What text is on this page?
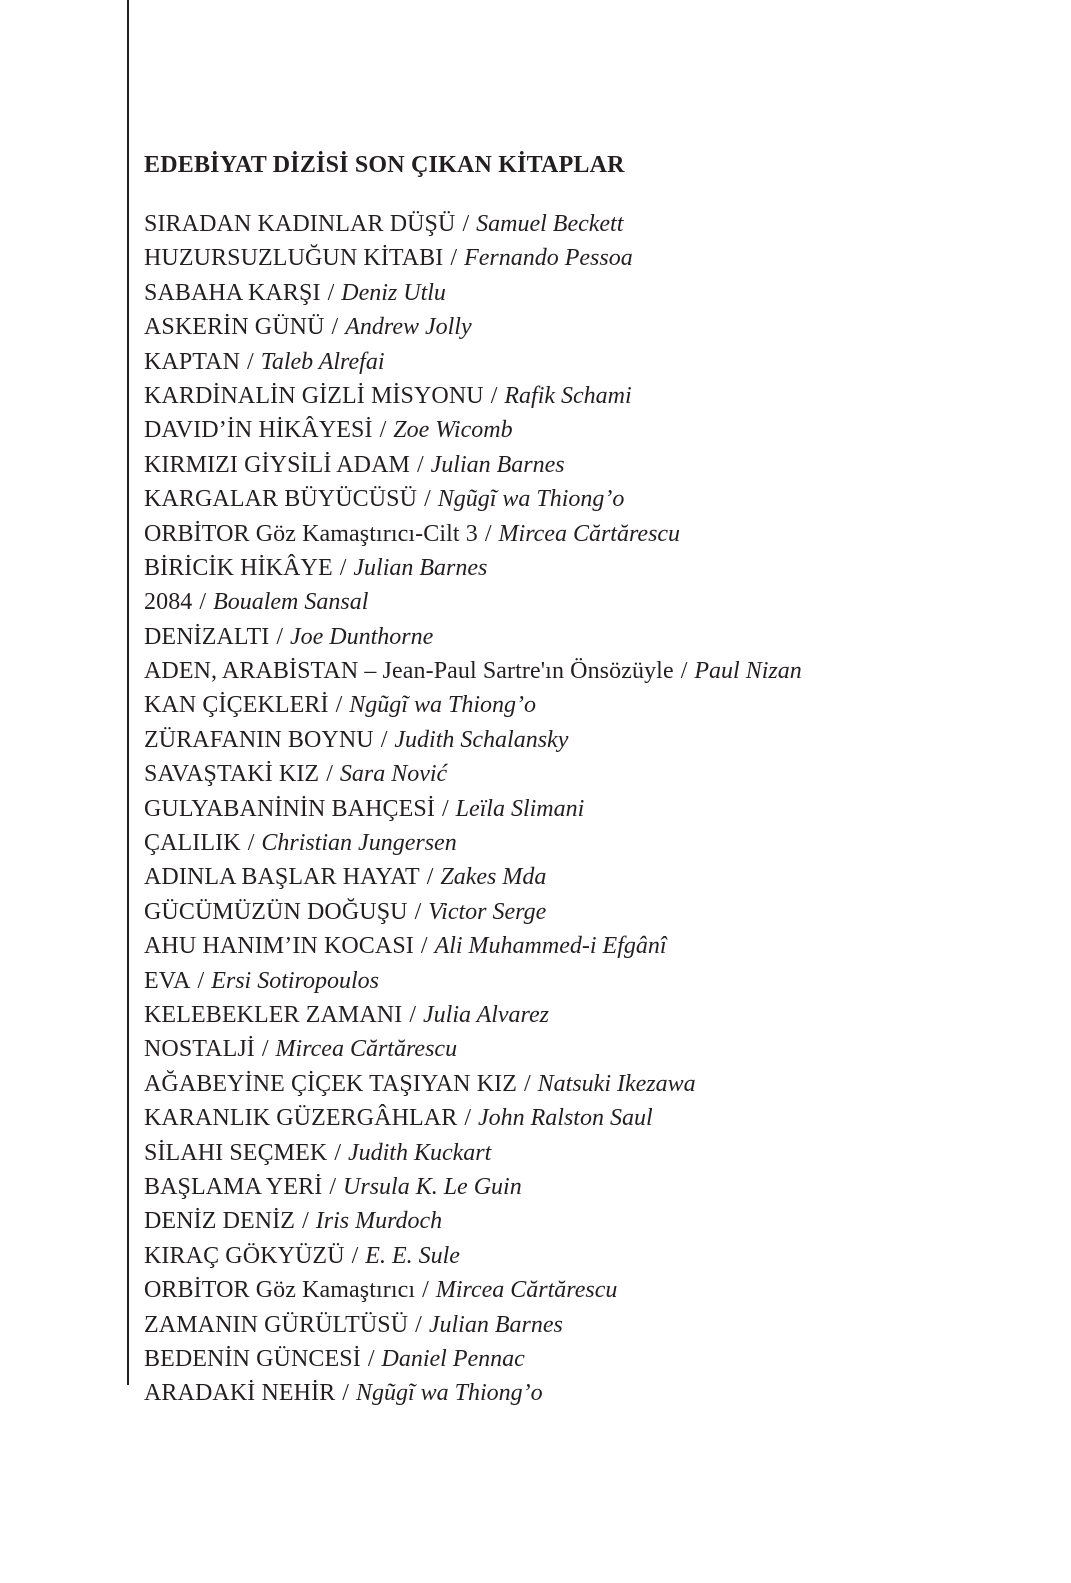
EDEBİYAT DİZİSİ SON ÇIKAN KİTAPLAR
SIRADAN KADINLAR DÜŞÜ / Samuel Beckett
HUZURSUZLUĞUN KİTABI / Fernando Pessoa
SABAHA KARŞI / Deniz Utlu
ASKERİN GÜNÜ / Andrew Jolly
KAPTAN / Taleb Alrefai
KARDİNALİN GİZLİ MİSYONU / Rafik Schami
DAVID’İN HİKÂYESİ / Zoe Wicomb
KIRMIZI GİYSİLİ ADAM / Julian Barnes
KARGALAR BÜYÜCÜSÜ / Ngũgĩ wa Thiong’o
ORBİTOR Göz Kamaştırıcı-Cilt 3 / Mircea Cărtărescu
BİRİCİK HİKÂYE / Julian Barnes
2084 / Boualem Sansal
DENİZALTI / Joe Dunthorne
ADEN, ARABİSTAN – Jean-Paul Sartre'ın Önsözüyle / Paul Nizan
KAN ÇİÇEKLERİ / Ngũgĩ wa Thiong’o
ZÜRAFANIN BOYNU / Judith Schalansky
SAVAŞTAKİ KIZ / Sara Nović
GULYABANİNİN BAHÇESİ / Leïla Slimani
ÇALILIK / Christian Jungersen
ADINLA BAŞLAR HAYAT / Zakes Mda
GÜCÜMÜZÜN DOĞUŞU / Victor Serge
AHU HANIM’IN KOCASI / Ali Muhammed-i Efgânî
EVA / Ersi Sotiropoulos
KELEBEKLER ZAMANI / Julia Alvarez
NOSTALJİ / Mircea Cărtărescu
AĞABEYİNE ÇİÇEK TAŞIYAN KIZ / Natsuki Ikezawa
KARANLIK GÜZERGÂHLAR / John Ralston Saul
SİLAHI SEÇMEK / Judith Kuckart
BAŞLAMA YERİ / Ursula K. Le Guin
DENİZ DENİZ / Iris Murdoch
KIRAÇ GÖKYÜZÜ / E. E. Sule
ORBİTOR Göz Kamaştırıcı / Mircea Cărtărescu
ZAMANIN GÜRÜLTÜSÜ / Julian Barnes
BEDENİN GÜNCESİ / Daniel Pennac
ARADAKİ NEHİR / Ngũgĩ wa Thiong’o
